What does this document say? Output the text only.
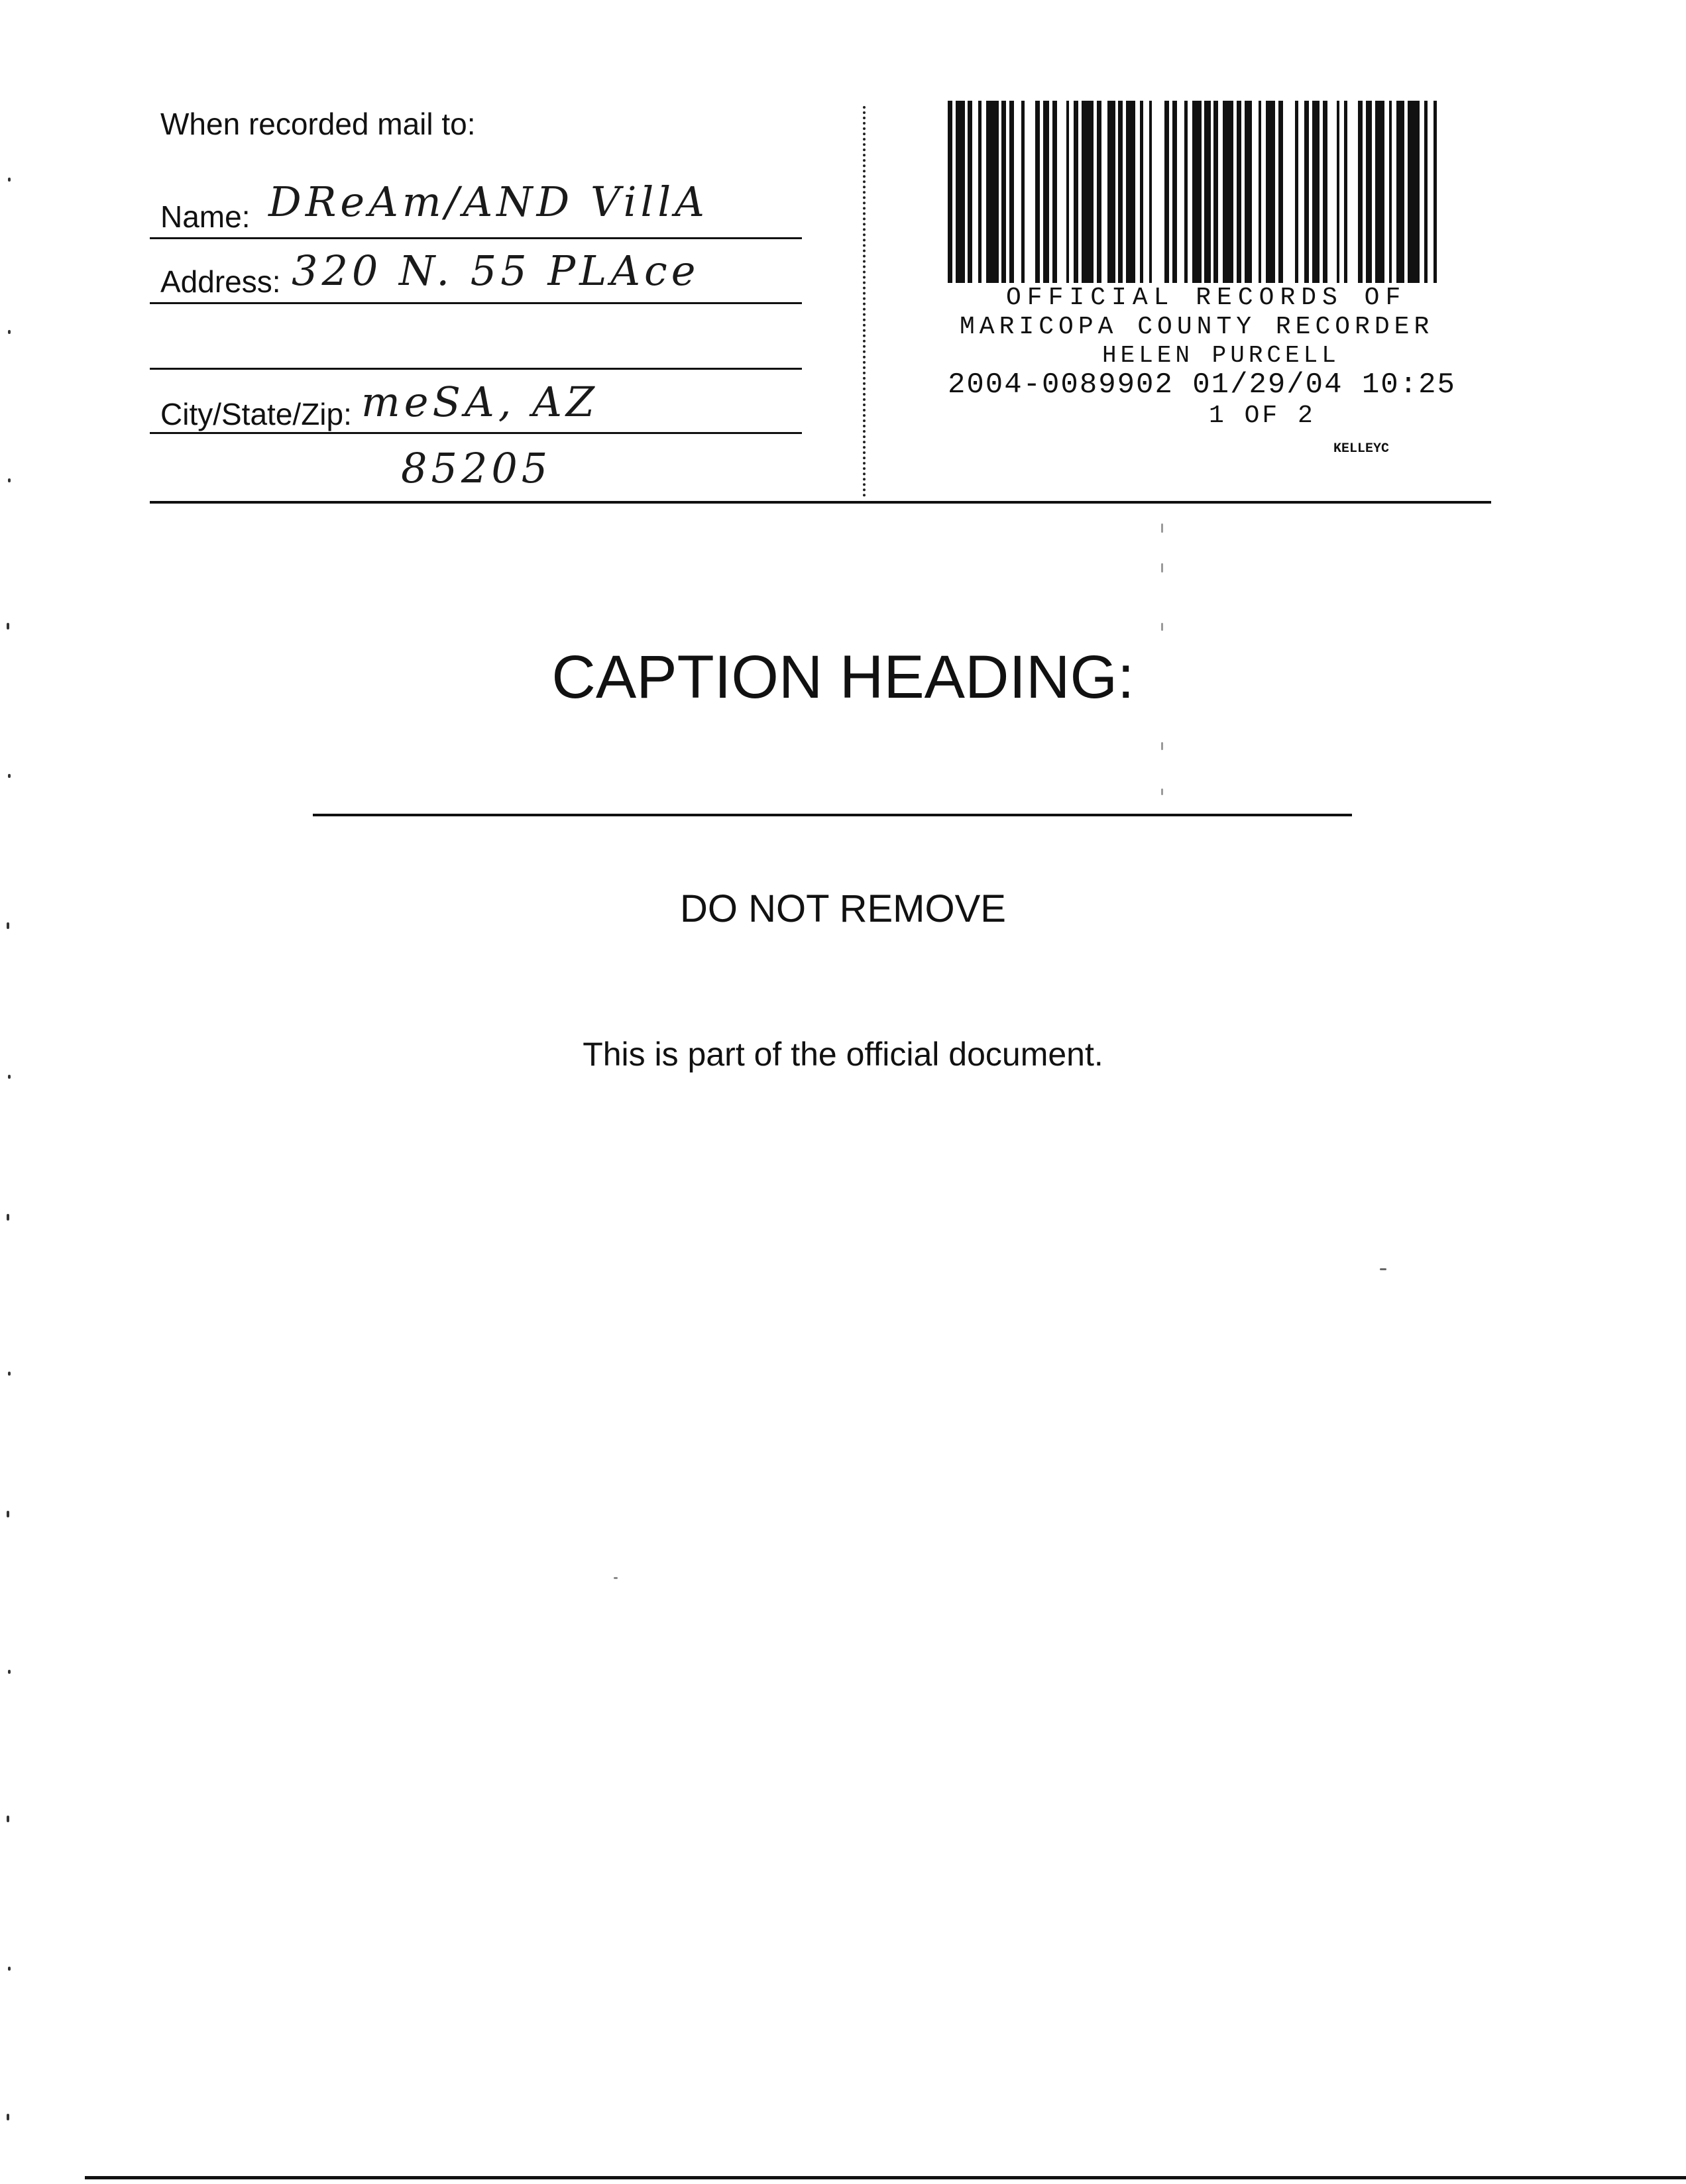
When recorded mail to:
Name: DReAm/AND VillA
Address: 320 N. 55 PLAce
City/State/Zip: meSA, AZ
85205
OFFICIAL RECORDS OF
MARICOPA COUNTY RECORDER
HELEN PURCELL
2004-0089902 01/29/04 10:25
1 OF 2
KELLEYC
CAPTION HEADING:
DO NOT REMOVE
This is part of the official document.
